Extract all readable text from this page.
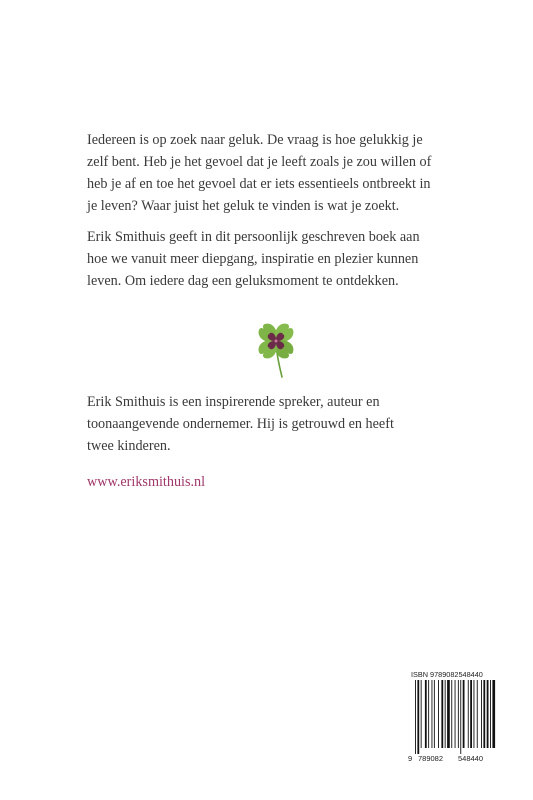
Iedereen is op zoek naar geluk. De vraag is hoe gelukkig je
zelf bent. Heb je het gevoel dat je leeft zoals je zou willen of
heb je af en toe het gevoel dat er iets essentieels ontbreekt in
je leven? Waar juist het geluk te vinden is wat je zoekt.

Erik Smithuis geeft in dit persoonlijk geschreven boek aan
hoe we vanuit meer diepgang, inspiratie en plezier kunnen
leven. Om iedere dag een geluksmoment te ontdekken.

Erik Smithuis is een inspirerende spreker, auteur en
toonaangevende ondernemer. Hij is getrouwd en heeft
twee kinderen.

www.eriksmithuis.nl
ISBN 9789082548440
9 789082 548440
